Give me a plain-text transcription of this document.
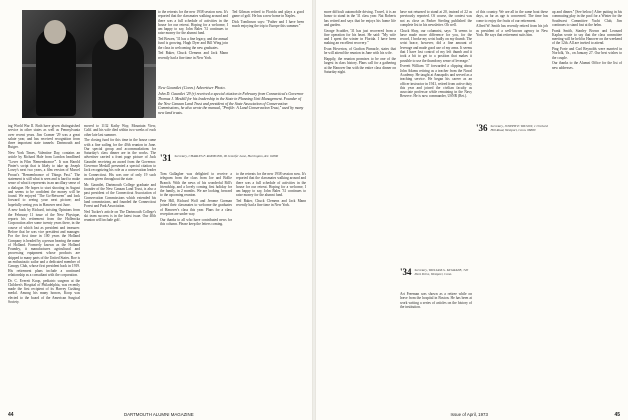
to the retreats for the new 1938 session now. It's reported that the classmates walking around and there was a full schedule of activities in the house for our retreat. Hoping for a welcome, I am happy to say, John Bales '31 continues to raise money for the alumni fund.

Ted Bowen, '31 has a fine legacy, and the annual fund is growing. Hugh Dyer and Bill Wing join the class in welcoming the new graduates.

Ted Baker, Chuck Clemens and Jack Mann recently had a fine time in New York.

Ted Gilman retired to Florida and plays a good game of golf. He has a new home in Naples.

Dick Tomlinson says: "Father and I have been much enjoying the trip to Europe this summer."

New Gauntlet (Conn.) Advertiser Photo.

John D. Gauntlet '29 (r) received a special citation in February from Connecticut's Governor Thomas J. Meskill for his leadership in the State in Planning Unit Management. Founder of the New Canaan Land Trust and president of the State Association of Conservation Commissions, he also wrote the manual, "Profile: A Land Conservation Trust," used by many new land trusts.

ing World War II. Both have given distinguished service in other states as well as Pennsylvania over recent years. Jim Cramer '29 was a great salute year, and has received recognition from three important state tunnels: Dartmouth and Rutger.

New York Times, Valentine Day, contains an article by Richard Hale from London headlined "Lover in Film 'Remembrance'". It was Harold Pinter's script that is likely to take up Joseph Losey's next two years, a film version of Marcel Proust's "Remembrance of Things Past." The statement is still what is seen and is hard to make sense of what it represents in an ancillary sense of a dialogue. He hopes to start shooting in August and seems to be confident the money will be found. We enjoyed "The Go-Between" and look forward to seeing your next picture; and hopefully seeing you in Hanover next June.

A new book by Richard, twisting Opinions from the February 11 issue of the New Physique, reports his retirement from the Hollencka Corporation after some twenty years there, in the course of which last as president and treasurer. Before that he was vice president and manager. For the first time in 100 years the Holland Company is headed by a person bearing the name of Holland. Formerly known as the Holland Foundry, it manufactures agricultural and processing equipment whose products are shipped to many parts of the United States. Roe is an enthusiastic sailor and a dedicated member of Canopy Club, whose first president back in 1919. His retirement plans include a continued relationship as a consultant with the corporation.

Dr. C. Everett Koop, pediatric surgeon at the Children's Hospital of Philadelphia, was recently made the first recipient of its Harvey Cushing medal. Among his many honors, Koop was elected to the board of the American Surgical Society.

moved to 1132 Kathy Way, Mountain View, Calif. and his wife died within two weeks of each other late last summer.

The closing fund for this time in the house came with a fine sailing for the 40th reunion in June. Our special group and accommodations for Saturday's class dinner are in the works. The advertiser carried a front page picture of Jack Gauntlet receiving an award from the Governor. Governor Meskill presented a special citation to Jack recognizing his role as a conservation leader in Connecticut. His was one of only 19 such awards given throughout the state.

Mr. Gauntlet, Dartmouth College graduate and founder of the New Canaan Land Trust, is also a past president of the Connecticut Association of Conservation Commissions which extended his land commissions, and founded the Connecticut Forest and Park Association.

Ned Tucker's article on The Dartmouth College's ski team success is in the latest issue. Our 40th reunion will include golf.

'31 Secretary, CHARLES F. RAYMOND, 96 Jennifer Lane, Harrington, R.I. 02806

Tom Gallagher was delighted to receive a telegram from the class from Joe and Bollie Branch. With the news of his wonderful Bill's friendship, and a lovely coming first holiday for the family, in 2 months. We are looking forward to the upcoming reunion.

Pete Hill, Richard Wolf and Jerome Gorman joined their classmates to welcome the graduates of Hanover's class this year. Plans for a class reception are under way.

Our thanks to all who have contributed news for this column. Please keep the letters coming.

to the retreats for the new 1938 session now. It's reported that the classmates walking around and there was a full schedule of activities in the house for our retreat. Hoping for a welcome, I am happy to say, John Bales '31 continues to raise money for the alumni fund.

Ted Baker, Chuck Clemens and Jack Mann recently had a fine time in New York.

44	DARTMOUTH ALUMNI MAGAZINE

more difficult automobile driving. Travel, it is an honor to stand in the '31 class year. Nat Roberts has retired and says that he enjoys his home life and garden.

George Scudder, '31 has just recovered from a fine operation for his heart. He said: "My wife and I spent the winter in Florida. I have been making an excellent recovery."

Evan Hoverton, of Grafton Pinnacle, states that he will attend the reunion in June with his wife.

Happily, the reunion promises to be one of the largest in class history. Plans call for a gathering at the Hanover Inn with the entire class dinner on Saturday night.

have not returned to stand at 20, instead of 22 as previously reported. Of course, the contest was not as close as Parker Sterling published the complete list in his newsletter. Oh well.

Chuck Shay, our columnist, says: "It seems to have made more difference for you, for the record, I broke my wrist badly on my thumb. The wrist brace, however, did a fine amount of leverage and made good use of my arms. It seems that I have lost control of my left thumb and it took a bit to get to a position that makes it possible to use the thumb my sense of leverage."

Everett William '37 forwarded a clipping about John Adams retiring as a teacher from the Naval Academy. He taught at Annapolis and served as a teaching service. He began his career as an officer instructor in 1941, retired from active duty this year and joined the civilian faculty as associate professor while remaining in the Navy Reserve. He is now commander, USNR (Ret.).

'34 Secretary, WILLIAM G. McGRANE, 720 Park Drive, Westport, Conn.

Art Freeman was shown as a retiree while on leave from the hospital in Boston. He has been at work writing a series of articles on the history of the institution.

of this country. We are all in the same boat these days, as far as age is concerned. The time has come to enjoy the fruits of our retirement.

Alfred W. Smith has recently retired from his job as president of a well-known agency in New York. He says that retirement suits him.

'36 Secretary, JOSEPH P. WILSON, 1 Orchard Hill Road, Westport, Conn. 06880

up and dinner." [See below.] After putting in his commuting play in the pool for a Winter for the Southwest Committee Yacht Club, Jim continues to stand fast at the helm.

Frank Smith, Stanley Brown and Leonard Kaplan wrote to say that the class committee meeting will be held in Hanover on the weekend of the 12th. All are invited to attend.

Ping Forte and Carl Reynolds were married in Norfolk, Va., on January 27. Our best wishes to the couple.

Our thanks to the Alumni Office for the list of new addresses.

Issue of April, 1973	45
